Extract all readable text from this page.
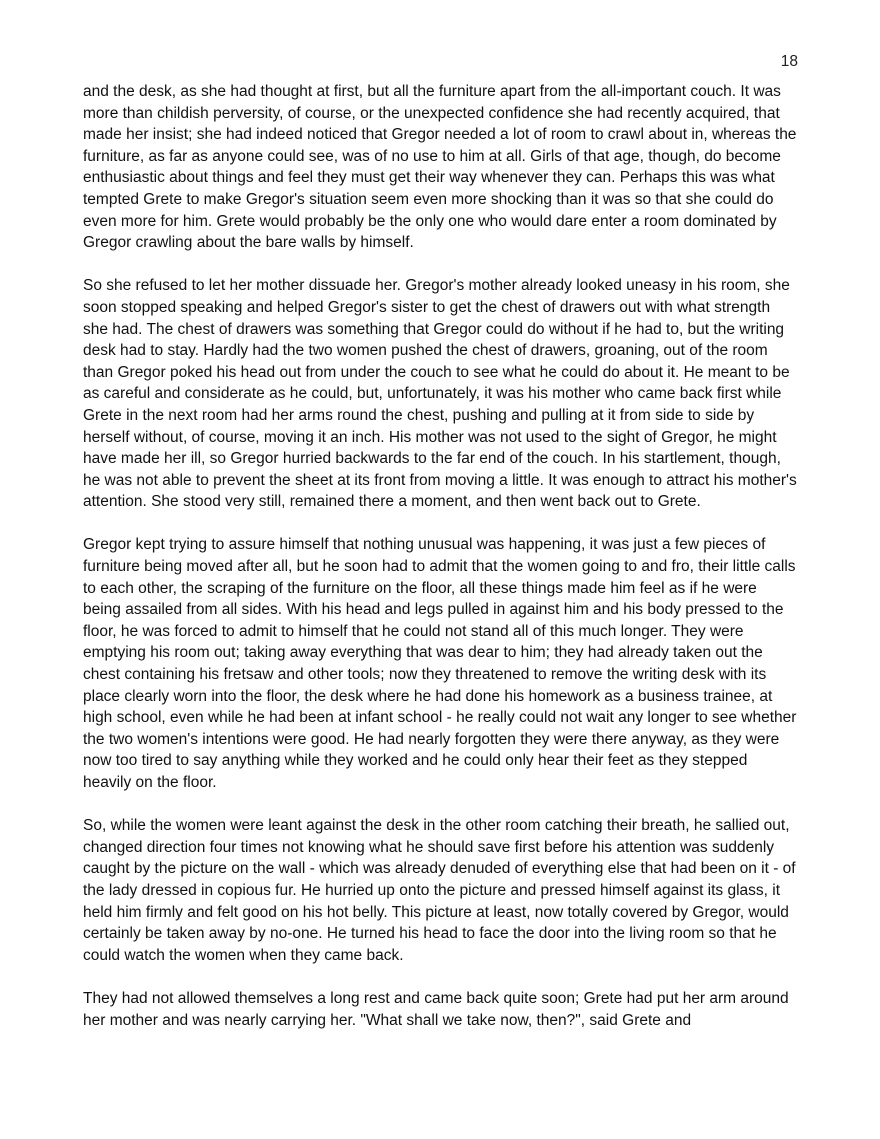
18

and the desk, as she had thought at first, but all the furniture apart from the all-important couch. It was more than childish perversity, of course, or the unexpected confidence she had recently acquired, that made her insist; she had indeed noticed that Gregor needed a lot of room to crawl about in, whereas the furniture, as far as anyone could see, was of no use to him at all. Girls of that age, though, do become enthusiastic about things and feel they must get their way whenever they can. Perhaps this was what tempted Grete to make Gregor's situation seem even more shocking than it was so that she could do even more for him. Grete would probably be the only one who would dare enter a room dominated by Gregor crawling about the bare walls by himself.

So she refused to let her mother dissuade her. Gregor's mother already looked uneasy in his room, she soon stopped speaking and helped Gregor's sister to get the chest of drawers out with what strength she had. The chest of drawers was something that Gregor could do without if he had to, but the writing desk had to stay. Hardly had the two women pushed the chest of drawers, groaning, out of the room than Gregor poked his head out from under the couch to see what he could do about it. He meant to be as careful and considerate as he could, but, unfortunately, it was his mother who came back first while Grete in the next room had her arms round the chest, pushing and pulling at it from side to side by herself without, of course, moving it an inch. His mother was not used to the sight of Gregor, he might have made her ill, so Gregor hurried backwards to the far end of the couch. In his startlement, though, he was not able to prevent the sheet at its front from moving a little. It was enough to attract his mother's attention. She stood very still, remained there a moment, and then went back out to Grete.

Gregor kept trying to assure himself that nothing unusual was happening, it was just a few pieces of furniture being moved after all, but he soon had to admit that the women going to and fro, their little calls to each other, the scraping of the furniture on the floor, all these things made him feel as if he were being assailed from all sides. With his head and legs pulled in against him and his body pressed to the floor, he was forced to admit to himself that he could not stand all of this much longer. They were emptying his room out; taking away everything that was dear to him; they had already taken out the chest containing his fretsaw and other tools; now they threatened to remove the writing desk with its place clearly worn into the floor, the desk where he had done his homework as a business trainee, at high school, even while he had been at infant school - he really could not wait any longer to see whether the two women's intentions were good. He had nearly forgotten they were there anyway, as they were now too tired to say anything while they worked and he could only hear their feet as they stepped heavily on the floor.

So, while the women were leant against the desk in the other room catching their breath, he sallied out, changed direction four times not knowing what he should save first before his attention was suddenly caught by the picture on the wall - which was already denuded of everything else that had been on it - of the lady dressed in copious fur. He hurried up onto the picture and pressed himself against its glass, it held him firmly and felt good on his hot belly. This picture at least, now totally covered by Gregor, would certainly be taken away by no-one. He turned his head to face the door into the living room so that he could watch the women when they came back.

They had not allowed themselves a long rest and came back quite soon; Grete had put her arm around her mother and was nearly carrying her. "What shall we take now, then?", said Grete and
